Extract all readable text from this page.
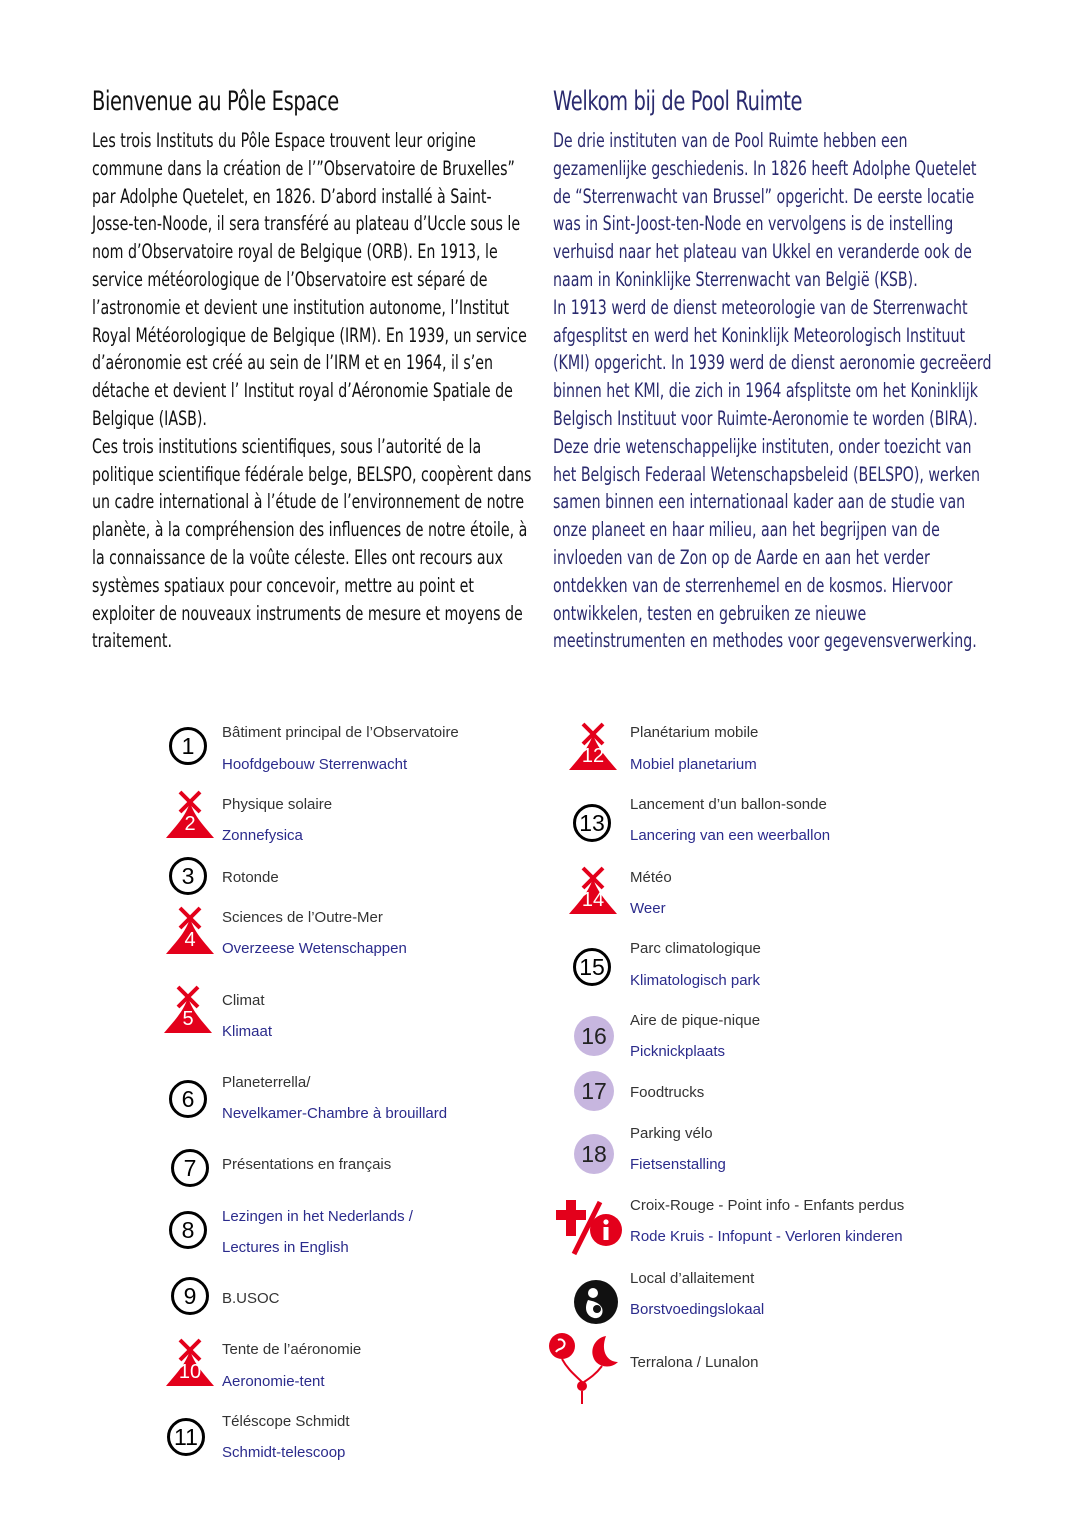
Bienvenue au Pôle Espace

Les trois Instituts du Pôle Espace trouvent leur origine commune dans la création de l’”Observatoire de Bruxelles” par Adolphe Quetelet, en 1826. D’abord installé à Saint-Josse-ten-Noode, il sera transféré au plateau d’Uccle sous le nom d’Observatoire royal de Belgique (ORB). En 1913, le service météorologique de l’Observatoire est séparé de l’astronomie et devient une institution autonome, l’Institut Royal Météorologique de Belgique (IRM). En 1939, un service d’aéronomie est créé au sein de l’IRM et en 1964, il s’en détache et devient l’ Institut royal d’Aéronomie Spatiale de Belgique (IASB).

Ces trois institutions scientifiques, sous l’autorité de la politique scientifique fédérale belge, BELSPO, coopèrent dans un cadre international à l’étude de l’environnement de notre planète, à la compréhension des influences de notre étoile, à la connaissance de la voûte céleste. Elles ont recours aux systèmes spatiaux pour concevoir, mettre au point et exploiter de nouveaux instruments de mesure et moyens de traitement.

Welkom bij de Pool Ruimte

De drie instituten van de Pool Ruimte hebben een gezamenlijke geschiedenis. In 1826 heeft Adolphe Quetelet de “Sterrenwacht van Brussel” opgericht. De eerste locatie was in Sint-Joost-ten-Node en vervolgens is de instelling verhuisd naar het plateau van Ukkel en veranderde ook de naam in Koninklijke Sterrenwacht van België (KSB).

In 1913 werd de dienst meteorologie van de Sterrenwacht afgesplitst en werd het Koninklijk Meteorologisch Instituut (KMI) opgericht. In 1939 werd de dienst aeronomie gecreëerd binnen het KMI, die zich in 1964 afsplitste om het Koninklijk Belgisch Instituut voor Ruimte-Aeronomie te worden (BIRA).

Deze drie wetenschappelijke instituten, onder toezicht van het Belgisch Federaal Wetenschapsbeleid (BELSPO), werken samen binnen een internationaal kader aan de studie van onze planeet en haar milieu, aan het begrijpen van de invloeden van de Zon op de Aarde en aan het verder ontdekken van de sterrenhemel en de kosmos. Hiervoor ontwikkelen, testen en gebruiken ze nieuwe meetinstrumenten en methodes voor gegevensverwerking.

1	Bâtiment principal de l’Observatoire
Hoofdgebouw Sterrenwacht
2
Physique solaire
Zonnefysica
3	Rotonde
4
Sciences de l’Outre-Mer
Overzeese Wetenschappen
5
Climat
Klimaat
6
Planeterrella/
Nevelkamer-Chambre à brouillard
7	Présentations en français
8	Lezingen in het Nederlands /
Lectures in English
9	B.USOC
10
Tente de l’aéronomie
Aeronomie-tent
11
Téléscope Schmidt
Schmidt-telescoop
12
Planétarium mobile
Mobiel planetarium
13
Lancement d’un ballon-sonde
Lancering van een weerballon
14
Météo
Weer
15
Parc climatologique
Klimatologisch park
16
Aire de pique-nique
Picknickplaats
17	Foodtrucks
18
Parking vélo
Fietsenstalling
Croix-Rouge - Point info - Enfants perdus
Rode Kruis - Infopunt - Verloren kinderen
Local d’allaitement
Borstvoedingslokaal
Terralona / Lunalon
